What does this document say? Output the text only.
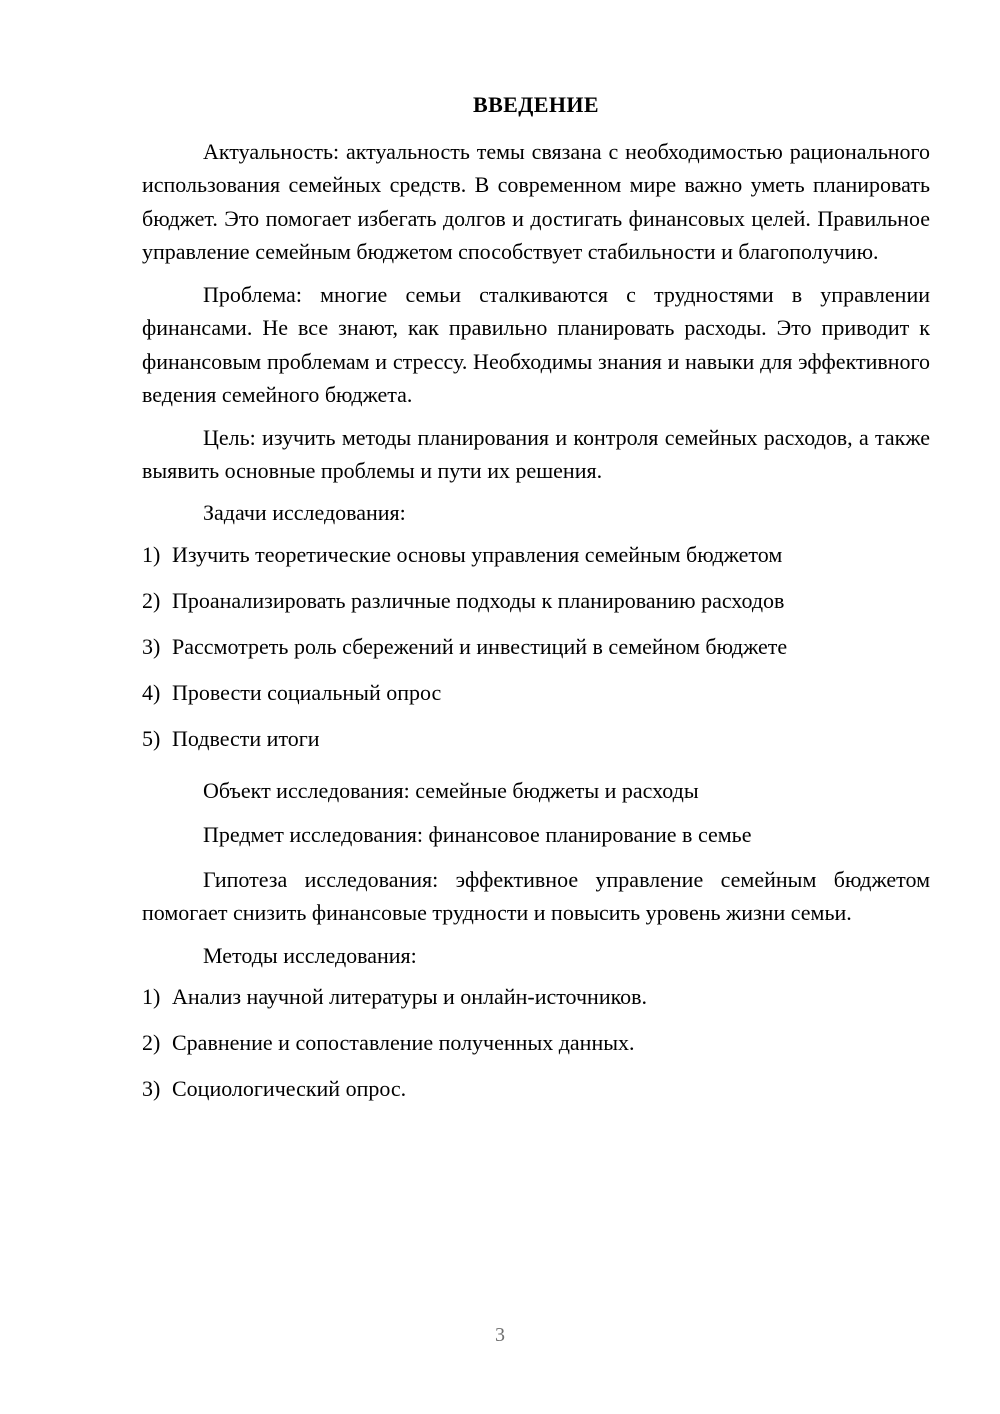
ВВЕДЕНИЕ

Актуальность: актуальность темы связана с необходимостью рационального использования семейных средств. В современном мире важно уметь планировать бюджет. Это помогает избегать долгов и достигать финансовых целей. Правильное управление семейным бюджетом способствует стабильности и благополучию.

Проблема: многие семьи сталкиваются с трудностями в управлении финансами. Не все знают, как правильно планировать расходы. Это приводит к финансовым проблемам и стрессу. Необходимы знания и навыки для эффективного ведения семейного бюджета.

Цель: изучить методы планирования и контроля семейных расходов, а также выявить основные проблемы и пути их решения.

Задачи исследования:

1) Изучить теоретические основы управления семейным бюджетом
2) Проанализировать различные подходы к планированию расходов
3) Рассмотреть роль сбережений и инвестиций в семейном бюджете
4) Провести социальный опрос
5) Подвести итоги

Объект исследования: семейные бюджеты и расходы

Предмет исследования: финансовое планирование в семье

Гипотеза исследования: эффективное управление семейным бюджетом помогает снизить финансовые трудности и повысить уровень жизни семьи.

Методы исследования:

1) Анализ научной литературы и онлайн-источников.
2) Сравнение и сопоставление полученных данных.
3) Социологический опрос.
3
